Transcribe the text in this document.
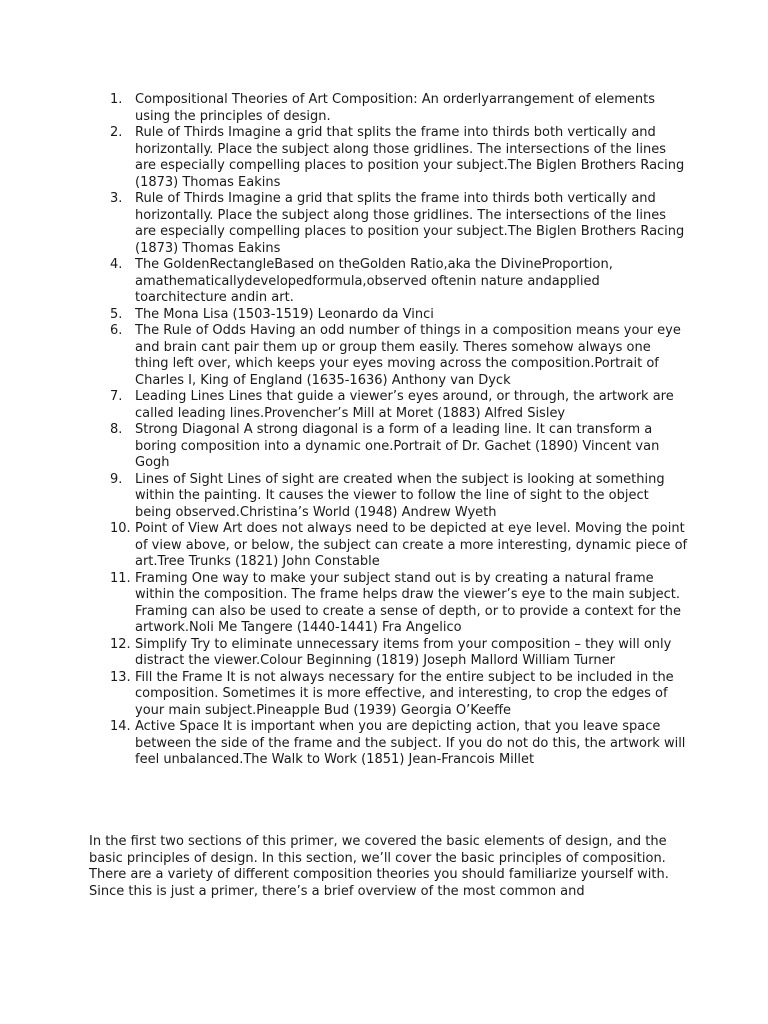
1. Compositional Theories of Art Composition: An orderlyarrangement of elements using the principles of design.
2. Rule of Thirds Imagine a grid that splits the frame into thirds both vertically and horizontally. Place the subject along those gridlines. The intersections of the lines are especially compelling places to position your subject.The Biglen Brothers Racing (1873) Thomas Eakins
3. Rule of Thirds Imagine a grid that splits the frame into thirds both vertically and horizontally. Place the subject along those gridlines. The intersections of the lines are especially compelling places to position your subject.The Biglen Brothers Racing (1873) Thomas Eakins
4. The GoldenRectangleBased on theGolden Ratio,aka the DivineProportion, amathematicallydevelopedformula,observed oftenin nature andapplied toarchitecture andin art.
5. The Mona Lisa (1503-1519) Leonardo da Vinci
6. The Rule of Odds Having an odd number of things in a composition means your eye and brain cant pair them up or group them easily. Theres somehow always one thing left over, which keeps your eyes moving across the composition.Portrait of Charles I, King of England (1635-1636) Anthony van Dyck
7. Leading Lines Lines that guide a viewer’s eyes around, or through, the artwork are called leading lines.Provencher’s Mill at Moret (1883) Alfred Sisley
8. Strong Diagonal A strong diagonal is a form of a leading line. It can transform a boring composition into a dynamic one.Portrait of Dr. Gachet (1890) Vincent van Gogh
9. Lines of Sight Lines of sight are created when the subject is looking at something within the painting. It causes the viewer to follow the line of sight to the object being observed.Christina’s World (1948) Andrew Wyeth
10. Point of View Art does not always need to be depicted at eye level. Moving the point of view above, or below, the subject can create a more interesting, dynamic piece of art.Tree Trunks (1821) John Constable
11. Framing One way to make your subject stand out is by creating a natural frame within the composition. The frame helps draw the viewer’s eye to the main subject. Framing can also be used to create a sense of depth, or to provide a context for the artwork.Noli Me Tangere (1440-1441) Fra Angelico
12. Simplify Try to eliminate unnecessary items from your composition – they will only distract the viewer.Colour Beginning (1819) Joseph Mallord William Turner
13. Fill the Frame It is not always necessary for the entire subject to be included in the composition. Sometimes it is more effective, and interesting, to crop the edges of your main subject.Pineapple Bud (1939) Georgia O’Keeffe
14. Active Space It is important when you are depicting action, that you leave space between the side of the frame and the subject. If you do not do this, the artwork will feel unbalanced.The Walk to Work (1851) Jean-Francois Millet

In the first two sections of this primer, we covered the basic elements of design, and the basic principles of design. In this section, we’ll cover the basic principles of composition.

There are a variety of different composition theories you should familiarize yourself with. Since this is just a primer, there’s a brief overview of the most common and
